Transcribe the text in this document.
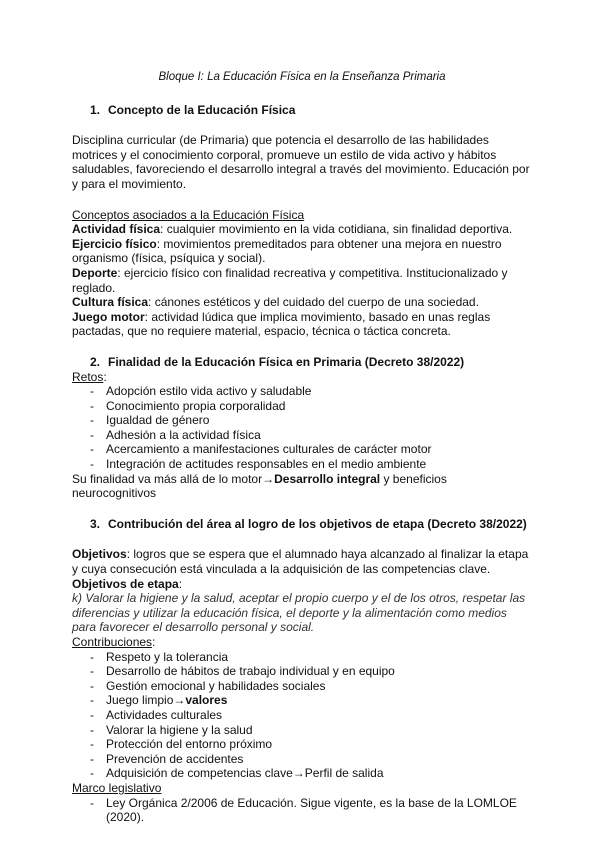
Bloque I: La Educación Física en la Enseñanza Primaria
1. Concepto de la Educación Física

Disciplina curricular (de Primaria) que potencia el desarrollo de las habilidades motrices y el conocimiento corporal, promueve un estilo de vida activo y hábitos saludables, favoreciendo el desarrollo integral a través del movimiento. Educación por y para el movimiento.

Conceptos asociados a la Educación Física

Actividad física: cualquier movimiento en la vida cotidiana, sin finalidad deportiva.

Ejercicio físico: movimientos premeditados para obtener una mejora en nuestro organismo (física, psíquica y social).

Deporte: ejercicio físico con finalidad recreativa y competitiva. Institucionalizado y reglado.

Cultura física: cánones estéticos y del cuidado del cuerpo de una sociedad.

Juego motor: actividad lúdica que implica movimiento, basado en unas reglas pactadas, que no requiere material, espacio, técnica o táctica concreta.

2. Finalidad de la Educación Física en Primaria (Decreto 38/2022)

Retos:

- Adopción estilo vida activo y saludable
- Conocimiento propia corporalidad
- Igualdad de género
- Adhesión a la actividad física
- Acercamiento a manifestaciones culturales de carácter motor
- Integración de actitudes responsables en el medio ambiente

Su finalidad va más allá de lo motor→Desarrollo integral y beneficios neurocognitivos

3. Contribución del área al logro de los objetivos de etapa (Decreto 38/2022)

Objetivos: logros que se espera que el alumnado haya alcanzado al finalizar la etapa y cuya consecución está vinculada a la adquisición de las competencias clave.

Objetivos de etapa:

k) Valorar la higiene y la salud, aceptar el propio cuerpo y el de los otros, respetar las diferencias y utilizar la educación física, el deporte y la alimentación como medios para favorecer el desarrollo personal y social.

Contribuciones:

- Respeto y la tolerancia
- Desarrollo de hábitos de trabajo individual y en equipo
- Gestión emocional y habilidades sociales
- Juego limpio→valores
- Actividades culturales
- Valorar la higiene y la salud
- Protección del entorno próximo
- Prevención de accidentes
- Adquisición de competencias clave→Perfil de salida

Marco legislativo

- Ley Orgánica 2/2006 de Educación. Sigue vigente, es la base de la LOMLOE (2020).
